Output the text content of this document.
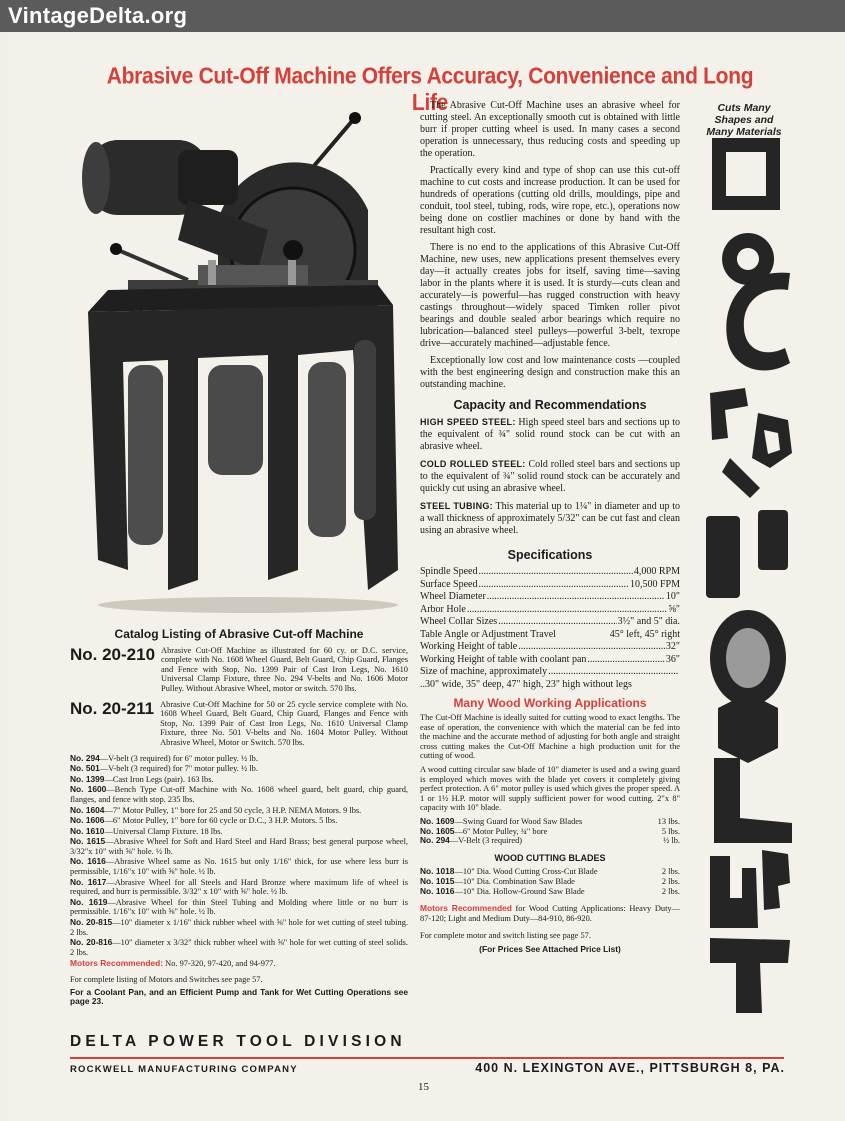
VintageDelta.org
Abrasive Cut-Off Machine Offers Accuracy, Convenience and Long Life	Cuts Many
Shapes and
Many Materials

The Abrasive Cut-Off Machine uses an abrasive wheel for cutting steel. An exceptionally smooth cut is obtained with little burr if proper cutting wheel is used. In many cases a second operation is unnecessary, thus reducing costs and speeding up the operation.

Practically every kind and type of shop can use this cut-off machine to cut costs and increase production. It can be used for hundreds of operations (cutting old drills, mouldings, pipe and conduit, tool steel, tubing, rods, wire rope, etc.), operations now being done on costlier machines or done by hand with the resultant high cost.

There is no end to the applications of this Abrasive Cut-Off Machine, new uses, new applications present themselves every day—it actually creates jobs for itself, saving time—saving labor in the plants where it is used. It is sturdy—cuts clean and accurately—is powerful—has rugged construction with heavy castings throughout—widely spaced Timken roller pivot bearings and double sealed arbor bearings which require no lubrication—balanced steel pulleys—powerful 3-belt, texrope drive—accurately machined—adjustable fence.

Exceptionally low cost and low maintenance costs —coupled with the best engineering design and construction make this an outstanding machine.

Capacity and Recommendations

HIGH SPEED STEEL: High speed steel bars and sections up to the equivalent of ¾" solid round stock can be cut with an abrasive wheel.

COLD ROLLED STEEL: Cold rolled steel bars and sections up to the equivalent of ¾" solid round stock can be accurately and quickly cut using an abrasive wheel.

STEEL TUBING: This material up to 1¼" in diameter and up to a wall thickness of approximately 5/32" can be cut fast and clean using an abrasive wheel.

Specifications
Spindle Speed .....	4,000 RPM
Surface Speed .....	10,500 FPM
Wheel Diameter .....	10"
Arbor Hole .....	⅝"
Wheel Collar Sizes .....	3½" and 5" dia.
Table Angle or Adjustment Travel	45° left, 45° right
Working Height of table .....	32"
Working Height of table with coolant pan .....	36"
Size of machine, approximately
.....
..30" wide, 35" deep, 47" high, 23" high without legs
Many Wood Working Applications

The Cut-Off Machine is ideally suited for cutting wood to exact lengths. The ease of operation, the convenience with which the material can be fed into the machine and the accurate method of adjusting for both angle and straight cross cutting makes the Cut-Off Machine a high production unit for the cutting of wood.

A wood cutting circular saw blade of 10" diameter is used and a swing guard is employed which moves with the blade yet covers it completely giving perfect protection. A 6" motor pulley is used which gives the proper speed. A 1 or 1½ H.P. motor will supply sufficient power for wood cutting. 2"x 8" capacity with 10" blade.

No. 1609 —Swing Guard for Wood Saw Blades	13 lbs.
No. 1605 —6" Motor Pulley, ¾" bore	5 lbs.
No. 294 —V-Belt (3 required)	½ lb.
WOOD CUTTING BLADES
No. 1018 —10" Dia. Wood Cutting Cross-Cut Blade	2 lbs.
No. 1015 —10" Dia. Combination Saw Blade	2 lbs.
No. 1016 —10" Dia. Hollow-Ground Saw Blade	2 lbs.

Motors Recommended for Wood Cutting Applications: Heavy Duty—87-120; Light and Medium Duty—84-910, 86-920.

For complete motor and switch listing see page 57.

(For Prices See Attached Price List)

Catalog Listing of Abrasive Cut-off Machine
No. 20-210 Abrasive Cut-Off Machine as illustrated for 60 cy. or D.C. service, complete with No. 1608 Wheel Guard, Belt Guard, Chip Guard, Flanges and Fence with Stop, No. 1399 Pair of Cast Iron Legs, No. 1610 Universal Clamp Fixture, three No. 294 V-belts and No. 1606 Motor Pulley. Without Abrasive Wheel, motor or switch. 570 lbs.
No. 20-211 Abrasive Cut-Off Machine for 50 or 25 cycle service complete with No. 1608 Wheel Guard, Belt Guard, Chip Guard, Flanges and Fence with Stop, No. 1399 Pair of Cast Iron Legs, No. 1610 Universal Clamp Fixture, three No. 501 V-belts and No. 1604 Motor Pulley. Without Abrasive Wheel, Motor or Switch. 570 lbs.
No. 294—V-belt (3 required) for 6" motor pulley. ½ lb.
No. 501—V-belt (3 required) for 7" motor pulley. ½ lb.
No. 1399—Cast Iron Legs (pair). 163 lbs.
No. 1600—Bench Type Cut-off Machine with No. 1608 wheel guard, belt guard, chip guard, flanges, and fence with stop. 235 lbs.
No. 1604—7" Motor Pulley, 1" bore for 25 and 50 cycle, 3 H.P. NEMA Motors. 9 lbs.
No. 1606—6" Motor Pulley, 1" bore for 60 cycle or D.C., 3 H.P. Motors. 5 lbs.
No. 1610—Universal Clamp Fixture. 18 lbs.
No. 1615—Abrasive Wheel for Soft and Hard Steel and Hard Brass; best general purpose wheel, 3/32"x 10" with ⅝" hole. ½ lb.
No. 1616—Abrasive Wheel same as No. 1615 but only 1/16" thick, for use where less burr is permissible, 1/16"x 10" with ⅝" hole. ½ lb.
No. 1617—Abrasive Wheel for all Steels and Hard Bronze where maximum life of wheel is required, and burr is permissible. 3/32" x 10" with ⅝" hole. ½ lb.
No. 1619—Abrasive Wheel for thin Steel Tubing and Molding where little or no burr is permissible. 1/16"x 10" with ⅝" hole. ½ lb.
No. 20-815—10" diameter x 1/16" thick rubber wheel with ⅝" hole for wet cutting of steel tubing. 2 lbs.
No. 20-816—10" diameter x 3/32" thick rubber wheel with ⅝" hole for wet cutting of steel solids. 2 lbs.
Motors Recommended: No. 97-320, 97-420, and 94-977.
For complete listing of Motors and Switches see page 57.
For a Coolant Pan, and an Efficient Pump and Tank for Wet Cutting Operations see page 23.
DELTA POWER TOOL DIVISION
ROCKWELL MANUFACTURING COMPANY	400 N. LEXINGTON AVE., PITTSBURGH 8, PA.
15
